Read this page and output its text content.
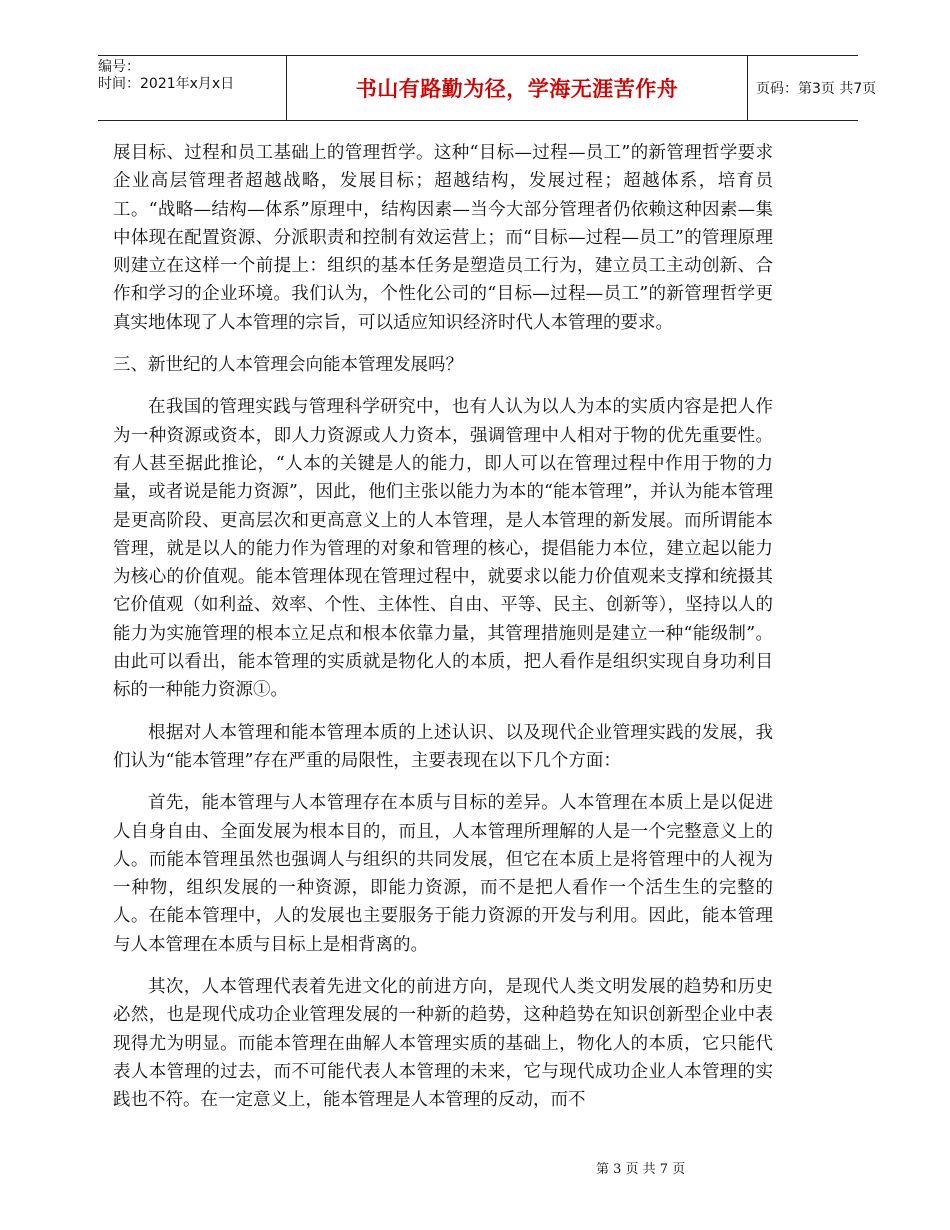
编号：
时间：2021年x月x日	书山有路勤为径，学海无涯苦作舟	页码：第3页 共7页

展目标、过程和员工基础上的管理哲学。这种“目标—过程—员工”的新管理哲学要求企业高层管理者超越战略，发展目标；超越结构，发展过程；超越体系，培育员工。“战略—结构—体系”原理中，结构因素—当今大部分管理者仍依赖这种因素—集中体现在配置资源、分派职责和控制有效运营上；而“目标—过程—员工”的管理原理则建立在这样一个前提上：组织的基本任务是塑造员工行为，建立员工主动创新、合作和学习的企业环境。我们认为，个性化公司的“目标—过程—员工”的新管理哲学更真实地体现了人本管理的宗旨，可以适应知识经济时代人本管理的要求。

三、新世纪的人本管理会向能本管理发展吗？

在我国的管理实践与管理科学研究中，也有人认为以人为本的实质内容是把人作为一种资源或资本，即人力资源或人力资本，强调管理中人相对于物的优先重要性。有人甚至据此推论，“人本的关键是人的能力，即人可以在管理过程中作用于物的力量，或者说是能力资源”，因此，他们主张以能力为本的“能本管理”，并认为能本管理是更高阶段、更高层次和更高意义上的人本管理，是人本管理的新发展。而所谓能本管理，就是以人的能力作为管理的对象和管理的核心，提倡能力本位，建立起以能力为核心的价值观。能本管理体现在管理过程中，就要求以能力价值观来支撑和统摄其它价值观（如利益、效率、个性、主体性、自由、平等、民主、创新等），坚持以人的能力为实施管理的根本立足点和根本依靠力量，其管理措施则是建立一种“能级制”。由此可以看出，能本管理的实质就是物化人的本质，把人看作是组织实现自身功利目标的一种能力资源①。

根据对人本管理和能本管理本质的上述认识、以及现代企业管理实践的发展，我们认为“能本管理”存在严重的局限性，主要表现在以下几个方面：

首先，能本管理与人本管理存在本质与目标的差异。人本管理在本质上是以促进人自身自由、全面发展为根本目的，而且，人本管理所理解的人是一个完整意义上的人。而能本管理虽然也强调人与组织的共同发展，但它在本质上是将管理中的人视为一种物，组织发展的一种资源，即能力资源，而不是把人看作一个活生生的完整的人。在能本管理中，人的发展也主要服务于能力资源的开发与利用。因此，能本管理与人本管理在本质与目标上是相背离的。

其次，人本管理代表着先进文化的前进方向，是现代人类文明发展的趋势和历史必然，也是现代成功企业管理发展的一种新的趋势，这种趋势在知识创新型企业中表现得尤为明显。而能本管理在曲解人本管理实质的基础上，物化人的本质，它只能代表人本管理的过去，而不可能代表人本管理的未来，它与现代成功企业人本管理的实践也不符。在一定意义上，能本管理是人本管理的反动，而不

第 3 页 共 7 页
